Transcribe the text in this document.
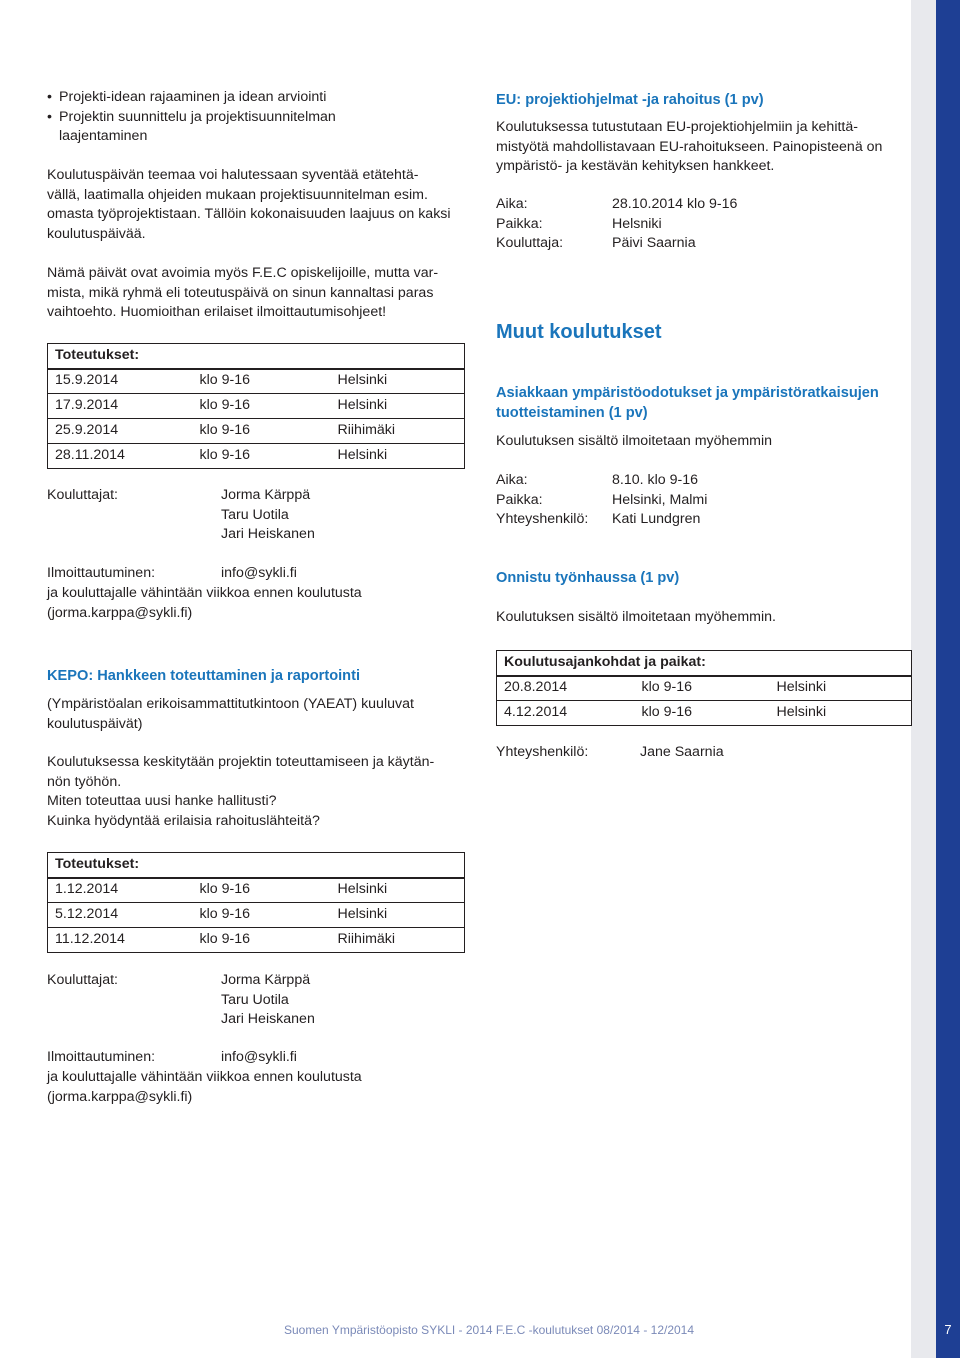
• Projekti-idean rajaaminen ja idean arviointi
• Projektin suunnittelu ja projektisuunnitelman
laajentaminen
Koulutuspäivän teemaa voi halutessaan syventää etätehtä-
vällä, laatimalla ohjeiden mukaan projektisuunnitelman esim.
omasta työprojektistaan. Tällöin kokonaisuuden laajuus on kaksi
koulutuspäivää.
Nämä päivät ovat avoimia myös F.E.C opiskelijoille, mutta var-
mista, mikä ryhmä eli toteutuspäivä on sinun kannaltasi paras
vaihtoehto. Huomioithan erilaiset ilmoittautumisohjeet!
Toteutukset:		
15.9.2014	klo 9-16	Helsinki
17.9.2014	klo 9-16	Helsinki
25.9.2014	klo 9-16	Riihimäki
28.11.2014	klo 9-16	Helsinki
Kouluttajat:	Jorma Kärppä
Taru Uotila
Jari Heiskanen
Ilmoittautuminen:	info@sykli.fi
ja kouluttajalle vähintään viikkoa ennen koulutusta
(jorma.karppa@sykli.fi)
KEPO: Hankkeen toteuttaminen ja raportointi
(Ympäristöalan erikoisammattitutkintoon (YAEAT) kuuluvat
koulutuspäivät)
Koulutuksessa keskitytään projektin toteuttamiseen ja käytän-
nön työhön.
Miten toteuttaa uusi hanke hallitusti?
Kuinka hyödyntää erilaisia rahoituslähteitä?
Toteutukset:		
1.12.2014	klo 9-16	Helsinki
5.12.2014	klo 9-16	Helsinki
11.12.2014	klo 9-16	Riihimäki
Kouluttajat:	Jorma Kärppä
Taru Uotila
Jari Heiskanen
Ilmoittautuminen:	info@sykli.fi
ja kouluttajalle vähintään viikkoa ennen koulutusta
(jorma.karppa@sykli.fi)
EU: projektiohjelmat -ja rahoitus (1 pv)
Koulutuksessa tutustutaan EU-projektiohjelmiin ja kehittä-
mistyötä mahdollistavaan EU-rahoitukseen. Painopisteenä on
ympäristö- ja kestävän kehityksen hankkeet.
Aika:	28.10.2014 klo 9-16
Paikka:	Helsniki
Kouluttaja:	Päivi Saarnia
Muut koulutukset
Asiakkaan ympäristöodotukset ja ympäristöratkaisujen
tuotteistaminen (1 pv)
Koulutuksen sisältö ilmoitetaan myöhemmin
Aika:	8.10. klo 9-16
Paikka:	Helsinki, Malmi
Yhteyshenkilö: Kati Lundgren
Onnistu työnhaussa (1 pv)
Koulutuksen sisältö ilmoitetaan myöhemmin.
Koulutusajankohdat ja paikat:		
20.8.2014	klo 9-16	Helsinki
4.12.2014	klo 9-16	Helsinki
Yhteyshenkilö:	Jane Saarnia
Suomen Ympäristöopisto SYKLI - 2014 F.E.C -koulutukset 08/2014 - 12/2014	7
